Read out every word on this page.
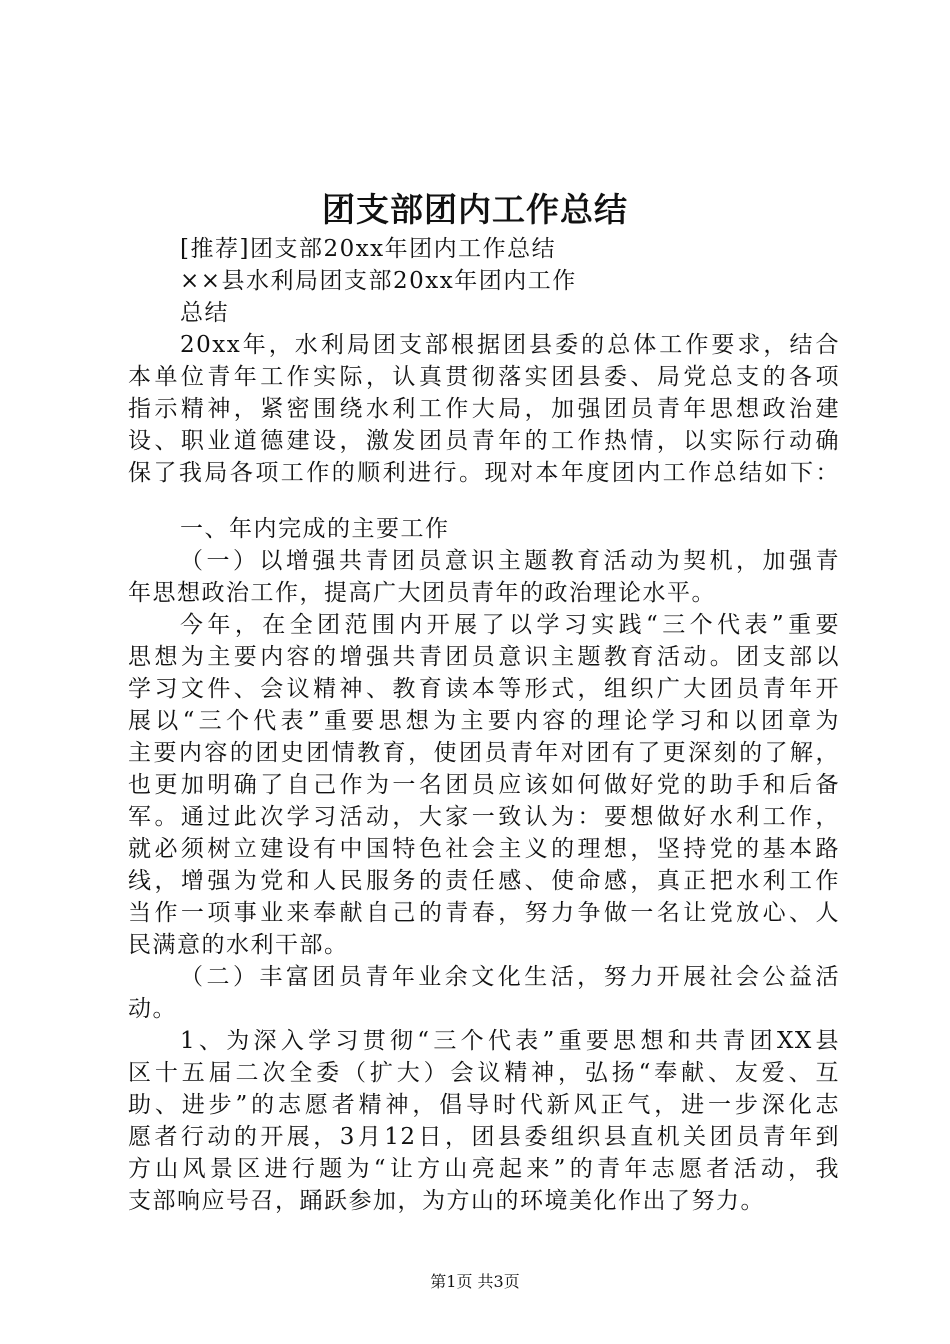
团支部团内工作总结
[推荐]团支部20xx年团内工作总结
××县水利局团支部20xx年团内工作
总结
20xx年，水利局团支部根据团县委的总体工作要求，结合
本单位青年工作实际，认真贯彻落实团县委、局党总支的各项
指示精神，紧密围绕水利工作大局，加强团员青年思想政治建
设、职业道德建设，激发团员青年的工作热情，以实际行动确
保了我局各项工作的顺利进行。现对本年度团内工作总结如下：
一、年内完成的主要工作
（一）以增强共青团员意识主题教育活动为契机，加强青
年思想政治工作，提高广大团员青年的政治理论水平。
今年，在全团范围内开展了以学习实践“三个代表”重要
思想为主要内容的增强共青团员意识主题教育活动。团支部以
学习文件、会议精神、教育读本等形式，组织广大团员青年开
展以“三个代表”重要思想为主要内容的理论学习和以团章为
主要内容的团史团情教育，使团员青年对团有了更深刻的了解，
也更加明确了自己作为一名团员应该如何做好党的助手和后备
军。通过此次学习活动，大家一致认为：要想做好水利工作，
就必须树立建设有中国特色社会主义的理想，坚持党的基本路
线，增强为党和人民服务的责任感、使命感，真正把水利工作
当作一项事业来奉献自己的青春，努力争做一名让党放心、人
民满意的水利干部。
（二）丰富团员青年业余文化生活，努力开展社会公益活
动。
1、为深入学习贯彻“三个代表”重要思想和共青团XX县
区十五届二次全委（扩大）会议精神，弘扬“奉献、友爱、互
助、进步”的志愿者精神，倡导时代新风正气，进一步深化志
愿者行动的开展，3月12日，团县委组织县直机关团员青年到
方山风景区进行题为“让方山亮起来”的青年志愿者活动，我
支部响应号召，踊跃参加，为方山的环境美化作出了努力。
第1页 共3页
